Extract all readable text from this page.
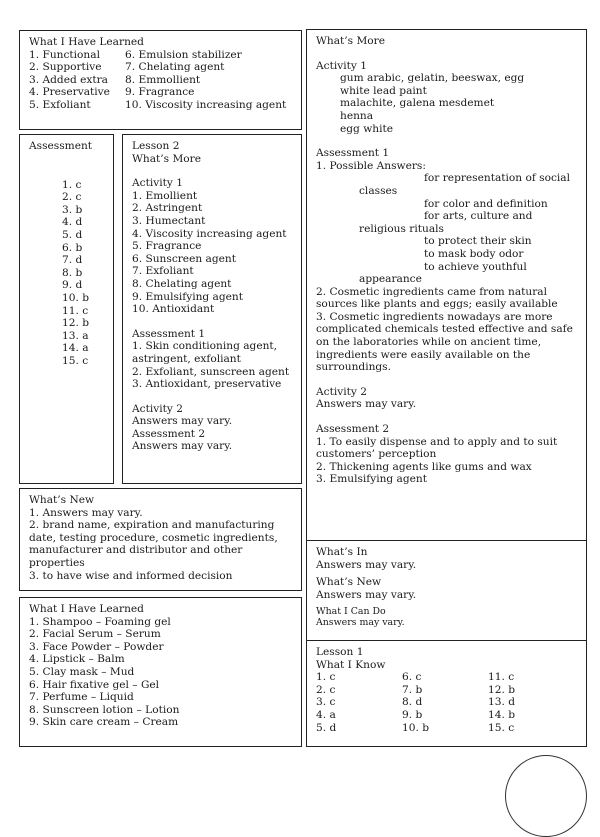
What I Have Learned
1. Functional
2. Supportive
3. Added extra
4. Preservative
5. Exfoliant
6. Emulsion stabilizer
7. Chelating agent
8. Emmollient
9. Fragrance
10. Viscosity increasing agent
Assessment
1. c
2. c
3. b
4. d
5. d
6. b
7. d
8. b
9. d
10. b
11. c
12. b
13. a
14. a
15. c
Lesson 2
What’s More
Activity 1
1. Emollient
2. Astringent
3. Humectant
4. Viscosity increasing agent
5. Fragrance
6. Sunscreen agent
7. Exfoliant
8. Chelating agent
9. Emulsifying agent
10. Antioxidant
Assessment 1
1. Skin conditioning agent,
astringent, exfoliant
2. Exfoliant, sunscreen agent
3. Antioxidant, preservative
Activity 2
Answers may vary.
Assessment 2
Answers may vary.
What’s New
1. Answers may vary.
2. brand name, expiration and manufacturing
date, testing procedure, cosmetic ingredients,
manufacturer and distributor and other
properties
3. to have wise and informed decision
What I Have Learned
1. Shampoo – Foaming gel
2. Facial Serum – Serum
3. Face Powder – Powder
4. Lipstick – Balm
5. Clay mask – Mud
6. Hair fixative gel – Gel
7. Perfume – Liquid
8. Sunscreen lotion – Lotion
9. Skin care cream – Cream
What’s More
Activity 1
gum arabic, gelatin, beeswax, egg
white lead paint
malachite, galena mesdemet
henna
egg white
Assessment 1
1. Possible Answers:
for representation of social
classes
for color and definition
for arts, culture and
religious rituals
to protect their skin
to mask body odor
to achieve youthful
appearance
2. Cosmetic ingredients came from natural
sources like plants and eggs; easily available
3. Cosmetic ingredients nowadays are more
complicated chemicals tested effective and safe
on the laboratories while on ancient time,
ingredients were easily available on the
surroundings.
Activity 2
Answers may vary.
Assessment 2
1. To easily dispense and to apply and to suit
customers’ perception
2. Thickening agents like gums and wax
3. Emulsifying agent
What’s In
Answers may vary.
What’s New
Answers may vary.
What I Can Do
Answers may vary.
Lesson 1
What I Know
1. c
2. c
3. c
4. a
5. d
6. c
7. b
8. d
9. b
10. b
11. c
12. b
13. d
14. b
15. c
